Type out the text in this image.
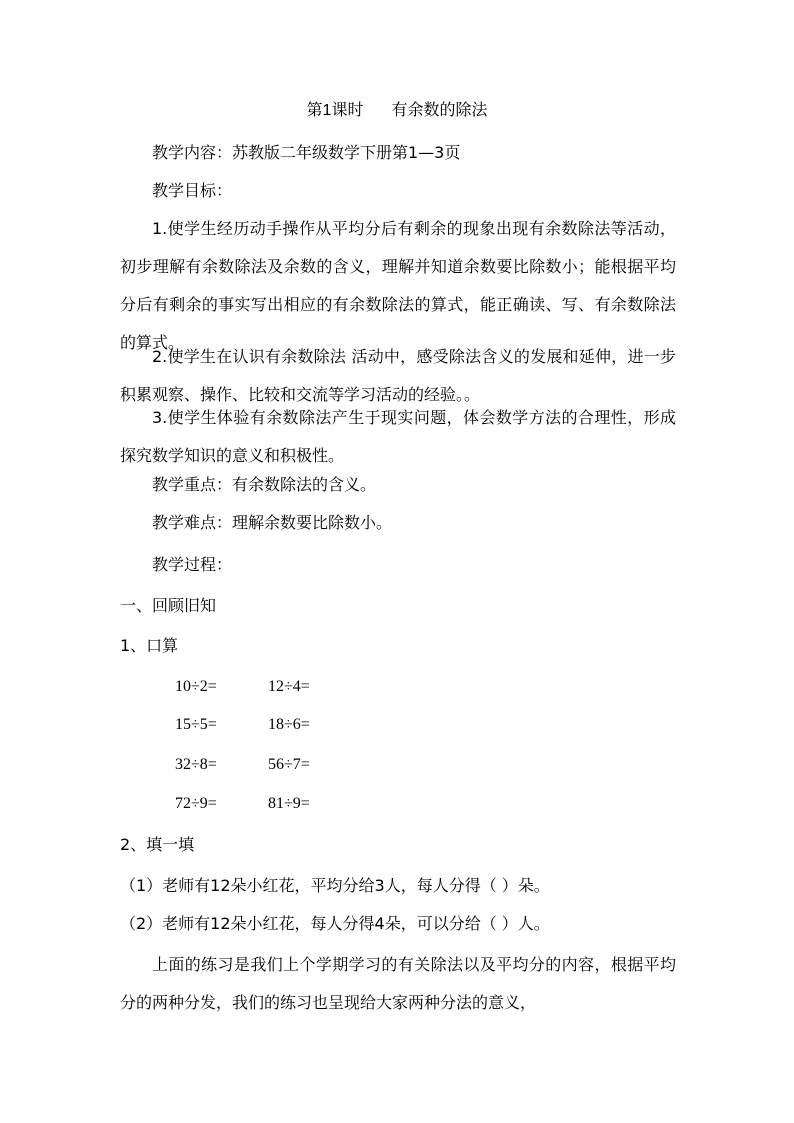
第1课时 有余数的除法
教学内容：苏教版二年级数学下册第1—3页
教学目标：
1.使学生经历动手操作从平均分后有剩余的现象出现有余数除法等活动，初步理解有余数除法及余数的含义，理解并知道余数要比除数小；能根据平均分后有剩余的事实写出相应的有余数除法的算式，能正确读、写、有余数除法的算式。
2.使学生在认识有余数除法 活动中，感受除法含义的发展和延伸，进一步积累观察、操作、比较和交流等学习活动的经验。。
3.使学生体验有余数除法产生于现实问题，体会数学方法的合理性，形成探究数学知识的意义和积极性。
教学重点：有余数除法的含义。
教学难点：理解余数要比除数小。
教学过程：
一、回顾旧知
1、口算
10÷2=	12÷4=
15÷5=	18÷6=
32÷8=	56÷7=
72÷9=	81÷9=
2、填一填
（1）老师有12朵小红花，平均分给3人，每人分得（ ）朵。
（2）老师有12朵小红花，每人分得4朵，可以分给（ ）人。
上面的练习是我们上个学期学习的有关除法以及平均分的内容，根据平均分的两种分发，我们的练习也呈现给大家两种分法的意义，
